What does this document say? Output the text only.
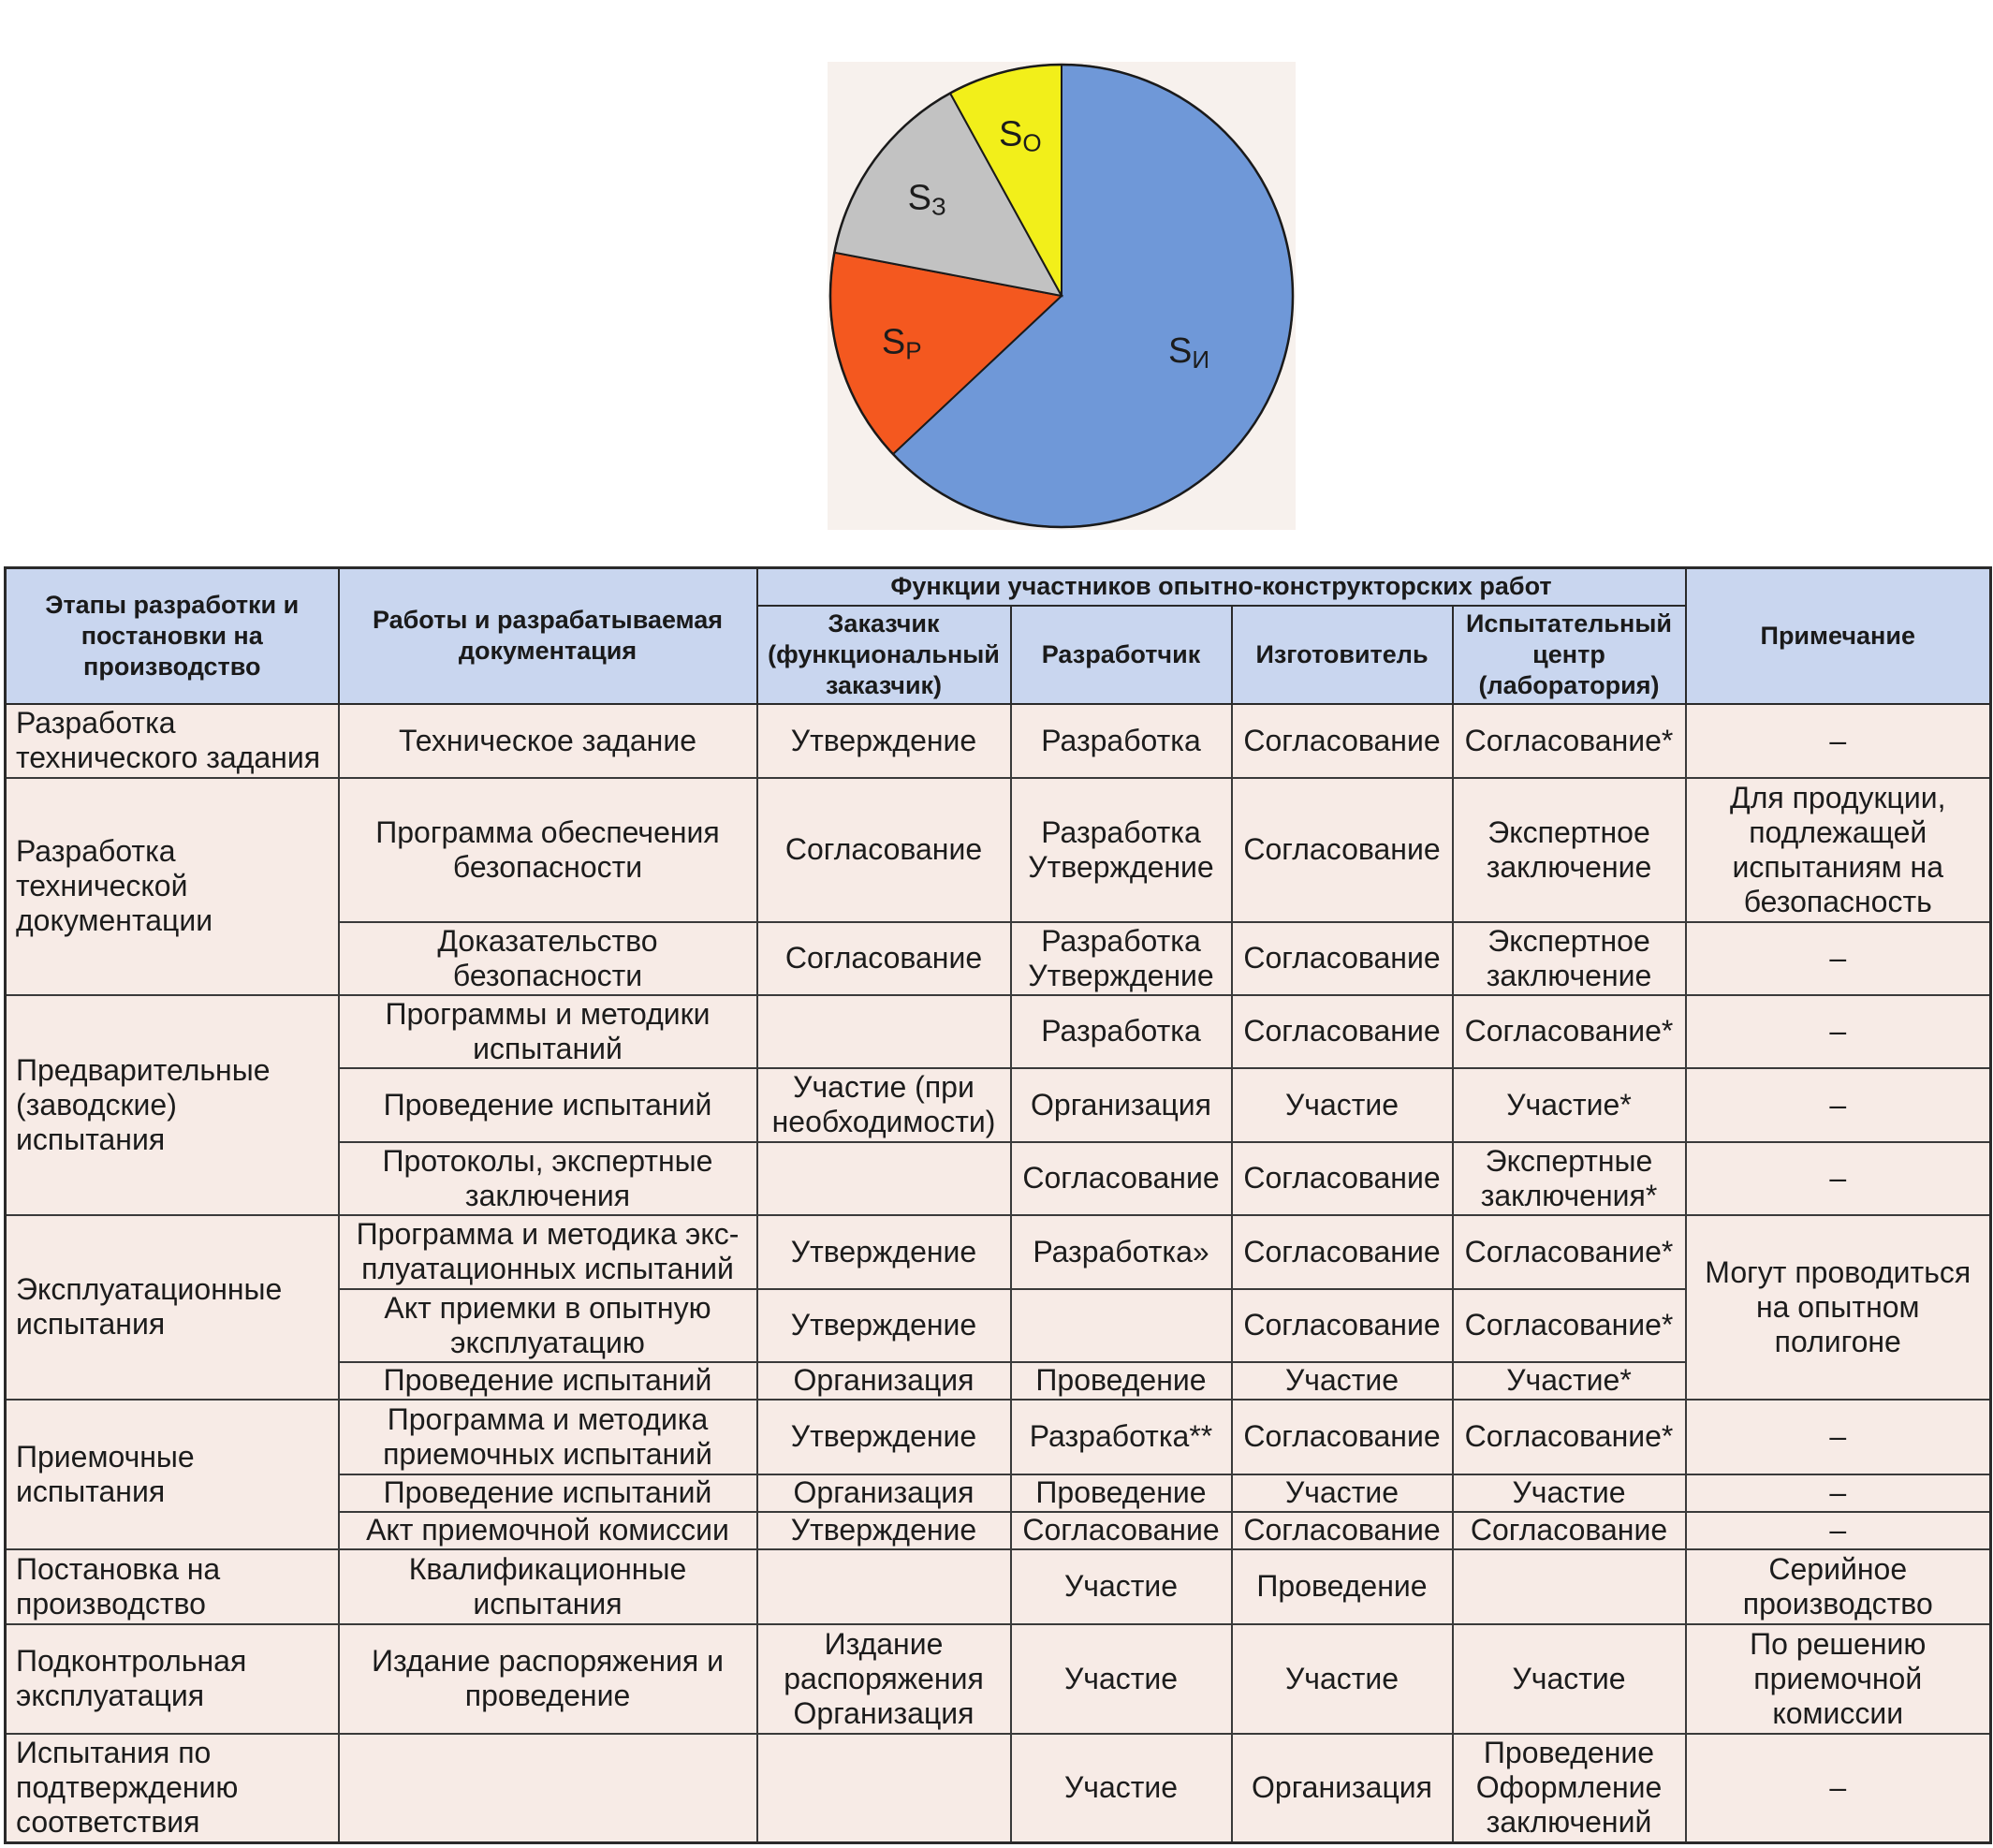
SИ
SР
SЗ
SO
Этапы разработки и постановки на производство	Работы и разрабатываемая документация	Функции участников опытно-конструкторских работ				Примечание
		Заказчик (функциональный заказчик)	Разработчик	Изготовитель	Испытательный центр (лаборатория)	
Разработка технического задания	Техническое задание	Утверждение	Разработка	Согласование	Согласование*	–
Разработка технической документации	Программа обеспечения безопасности	Согласование	Разработка Утверждение	Согласование	Экспертное заключение	Для продукции, подлежащей испытаниям на безопасность
	Доказательство безопасности	Согласование	Разработка Утверждение	Согласование	Экспертное заключение	–
Предварительные (заводские) испытания	Программы и методики испытаний		Разработка	Согласование	Согласование*	–
	Проведение испытаний	Участие (при необходимости)	Организация	Участие	Участие*	–
	Протоколы, экспертные заключения		Согласование	Согласование	Экспертные заключения*	–
Эксплуатационные испытания	Программа и методика экс-плуатационных испытаний	Утверждение	Разработка»	Согласование	Согласование*	Могут проводиться на опытном полигоне
	Акт приемки в опытную эксплуатацию	Утверждение		Согласование	Согласование*	
	Проведение испытаний	Организация	Проведение	Участие	Участие*	
Приемочные испытания	Программа и методика приемочных испытаний	Утверждение	Разработка**	Согласование	Согласование*	–
	Проведение испытаний	Организация	Проведение	Участие	Участие	–
	Акт приемочной комиссии	Утверждение	Согласование	Согласование	Согласование	–
Постановка на производство	Квалификационные испытания		Участие	Проведение		Серийное производство
Подконтрольная эксплуатация	Издание распоряжения и проведение	Издание распоряжения Организация	Участие	Участие	Участие	По решению приемочной комиссии
Испытания по подтверждению соответствия			Участие	Организация	Проведение Оформление заключений	–
